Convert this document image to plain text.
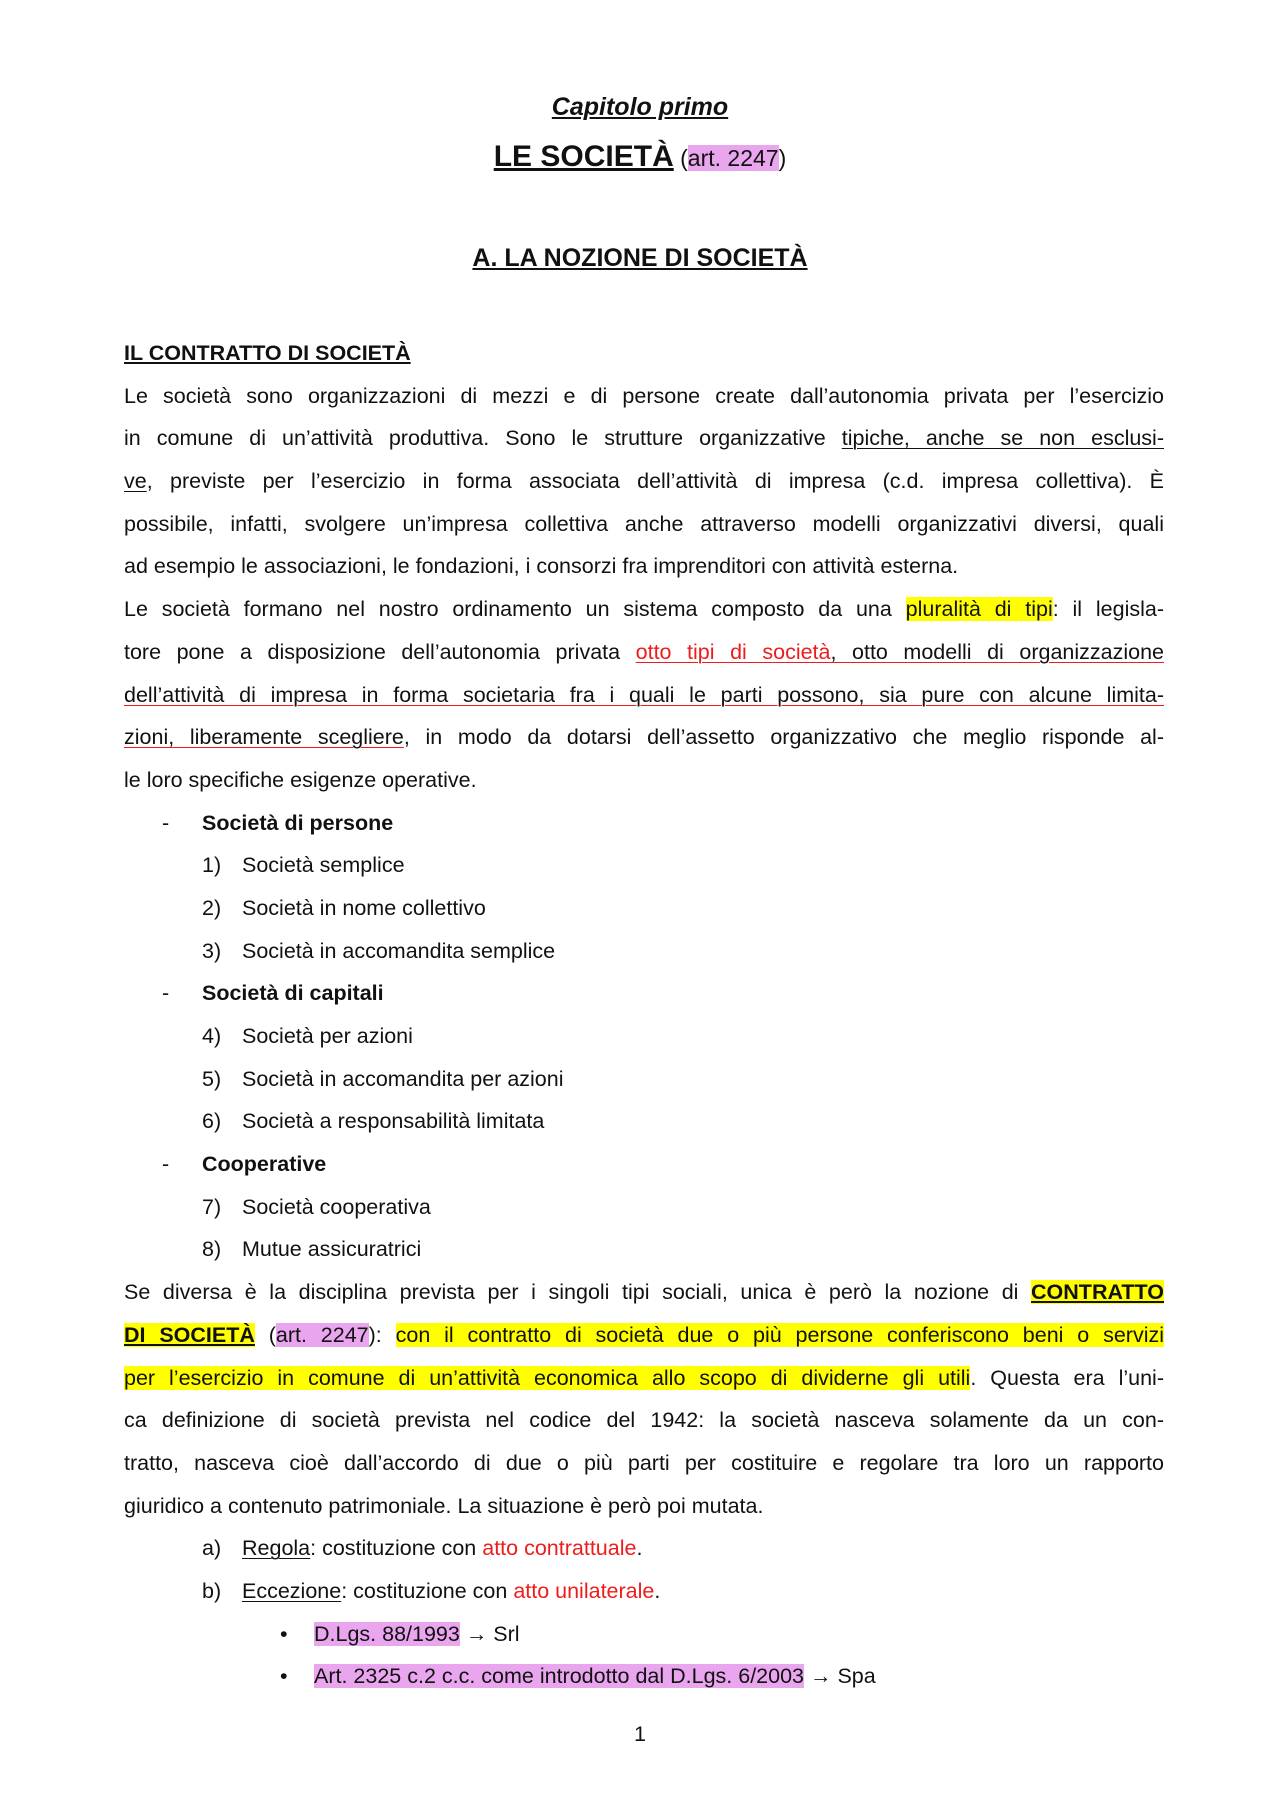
Capitolo primo
LE SOCIETÀ (art. 2247)
A. LA NOZIONE DI SOCIETÀ
IL CONTRATTO DI SOCIETÀ
Le società sono organizzazioni di mezzi e di persone create dall’autonomia privata per l’esercizio
in comune di un’attività produttiva. Sono le strutture organizzative tipiche, anche se non esclusi-
ve, previste per l’esercizio in forma associata dell’attività di impresa (c.d. impresa collettiva). È
possibile, infatti, svolgere un’impresa collettiva anche attraverso modelli organizzativi diversi, quali
ad esempio le associazioni, le fondazioni, i consorzi fra imprenditori con attività esterna.
Le società formano nel nostro ordinamento un sistema composto da una pluralità di tipi: il legisla-
tore pone a disposizione dell’autonomia privata otto tipi di società, otto modelli di organizzazione
dell’attività di impresa in forma societaria fra i quali le parti possono, sia pure con alcune limita-
zioni, liberamente scegliere, in modo da dotarsi dell’assetto organizzativo che meglio risponde al-
le loro specifiche esigenze operative.
- Società di persone
1) Società semplice
2) Società in nome collettivo
3) Società in accomandita semplice
- Società di capitali
4) Società per azioni
5) Società in accomandita per azioni
6) Società a responsabilità limitata
- Cooperative
7) Società cooperativa
8) Mutue assicuratrici
Se diversa è la disciplina prevista per i singoli tipi sociali, unica è però la nozione di CONTRATTO
DI SOCIETÀ (art. 2247): con il contratto di società due o più persone conferiscono beni o servizi
per l’esercizio in comune di un’attività economica allo scopo di dividerne gli utili. Questa era l’uni-
ca definizione di società prevista nel codice del 1942: la società nasceva solamente da un con-
tratto, nasceva cioè dall’accordo di due o più parti per costituire e regolare tra loro un rapporto
giuridico a contenuto patrimoniale. La situazione è però poi mutata.
a) Regola: costituzione con atto contrattuale.
b) Eccezione: costituzione con atto unilaterale.
• D.Lgs. 88/1993 → Srl
• Art. 2325 c.2 c.c. come introdotto dal D.Lgs. 6/2003 → Spa
1
